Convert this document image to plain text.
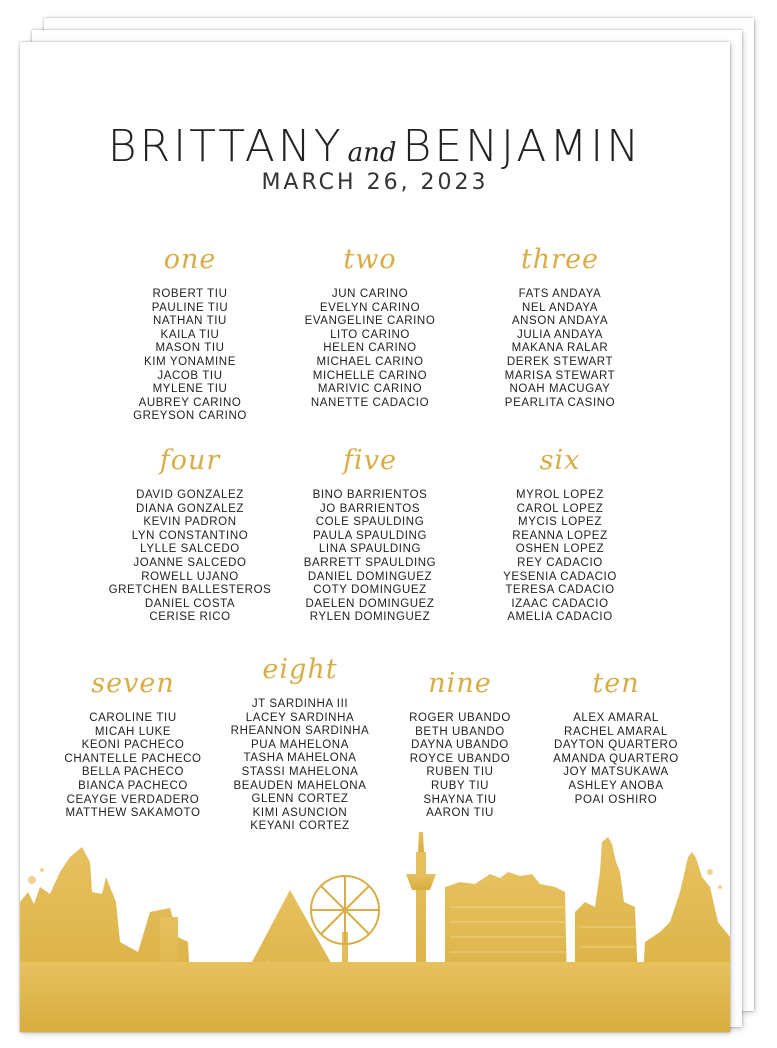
BRITTANY and BENJAMIN
MARCH 26, 2023
one
ROBERT TIU
PAULINE TIU
NATHAN TIU
KAILA TIU
MASON TIU
KIM YONAMINE
JACOB TIU
MYLENE TIU
AUBREY CARINO
GREYSON CARINO
two
JUN CARINO
EVELYN CARINO
EVANGELINE CARINO
LITO CARINO
HELEN CARINO
MICHAEL CARINO
MICHELLE CARINO
MARIVIC CARINO
NANETTE CADACIO
three
FATS ANDAYA
NEL ANDAYA
ANSON ANDAYA
JULIA ANDAYA
MAKANA RALAR
DEREK STEWART
MARISA STEWART
NOAH MACUGAY
PEARLITA CASINO
four
DAVID GONZALEZ
DIANA GONZALEZ
KEVIN PADRON
LYN CONSTANTINO
LYLLE SALCEDO
JOANNE SALCEDO
ROWELL UJANO
GRETCHEN BALLESTEROS
DANIEL COSTA
CERISE RICO
five
BINO BARRIENTOS
JO BARRIENTOS
COLE SPAULDING
PAULA SPAULDING
LINA SPAULDING
BARRETT SPAULDING
DANIEL DOMINGUEZ
COTY DOMINGUEZ
DAELEN DOMINGUEZ
RYLEN DOMINGUEZ
six
MYROL LOPEZ
CAROL LOPEZ
MYCIS LOPEZ
REANNA LOPEZ
OSHEN LOPEZ
REY CADACIO
YESENIA CADACIO
TERESA CADACIO
IZAAC CADACIO
AMELIA CADACIO
seven
CAROLINE TIU
MICAH LUKE
KEONI PACHECO
CHANTELLE PACHECO
BELLA PACHECO
BIANCA PACHECO
CEAYGE VERDADERO
MATTHEW SAKAMOTO
eight
JT SARDINHA III
LACEY SARDINHA
RHEANNON SARDINHA
PUA MAHELONA
TASHA MAHELONA
STASSI MAHELONA
BEAUDEN MAHELONA
GLENN CORTEZ
KIMI ASUNCION
KEYANI CORTEZ
nine
ROGER UBANDO
BETH UBANDO
DAYNA UBANDO
ROYCE UBANDO
RUBEN TIU
RUBY TIU
SHAYNA TIU
AARON TIU
ten
ALEX AMARAL
RACHEL AMARAL
DAYTON QUARTERO
AMANDA QUARTERO
JOY MATSUKAWA
ASHLEY ANOBA
POAI OSHIRO
